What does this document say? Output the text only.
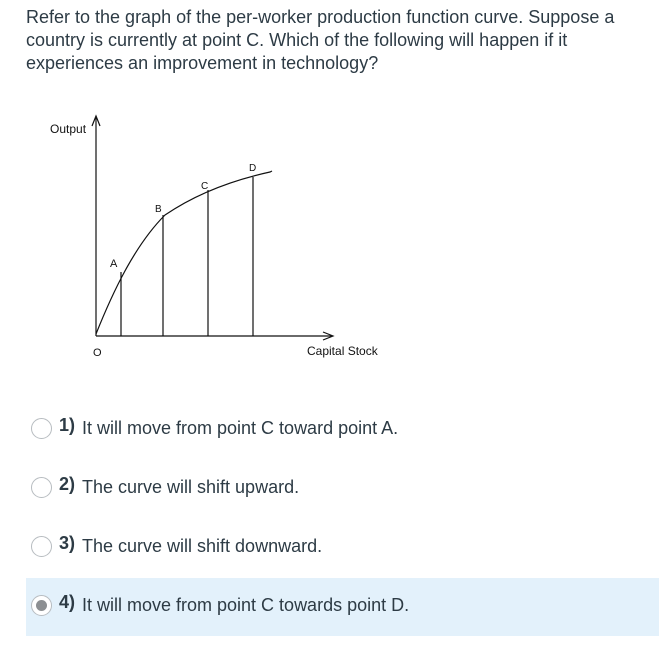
Refer to the graph of the per-worker production function curve. Suppose a country is currently at point C. Which of the following will happen if it experiences an improvement in technology?
Output
Capital Stock
O
A
B
C
D
1) It will move from point C toward point A.
2) The curve will shift upward.
3) The curve will shift downward.
4) It will move from point C towards point D.
